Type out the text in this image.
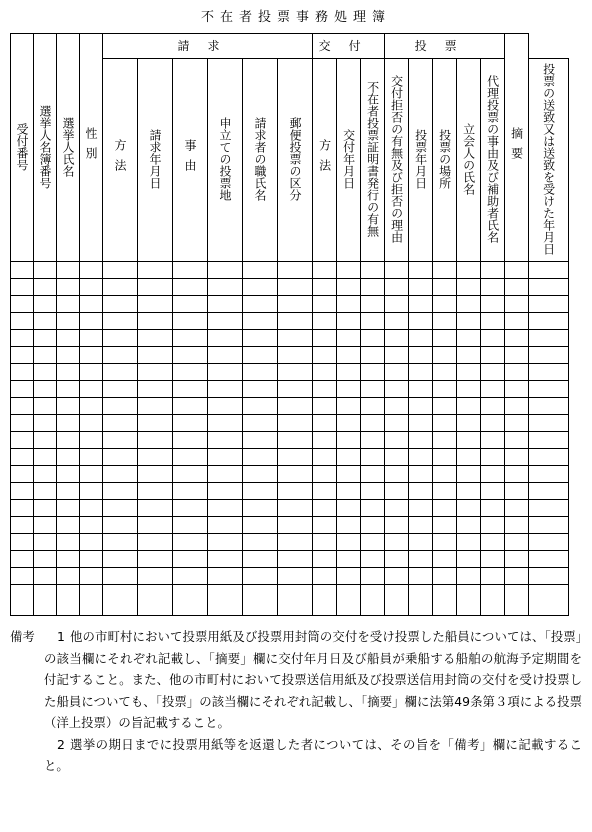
不在者投票事務処理簿
受付番号	選挙人名簿番号	選挙人氏名	性別	請求						交付			投票					摘要	
				方法	請求年月日	事由	申立ての投票地	請求者の職氏名	郵便投票の区分	方法	交付年月日	不在者投票証明書発行の有無	交付拒否の有無及び拒否の理由	投票年月日	投票の場所	立会人の氏名	代理投票の事由及び補助者氏名		投票の送致又は送致を受けた年月日

備考 1 他の市町村において投票用紙及び投票用封筒の交付を受け投票した船員については、「投票」の該当欄にそれぞれ記載し、「摘要」欄に交付年月日及び船員が乗船する船舶の航海予定期間を付記すること。また、他の市町村において投票送信用紙及び投票送信用封筒の交付を受け投票した船員についても、「投票」の該当欄にそれぞれ記載し、「摘要」欄に法第49条第３項による投票（洋上投票）の旨記載すること。
2 選挙の期日までに投票用紙等を返還した者については、その旨を「備考」欄に記載すること。
